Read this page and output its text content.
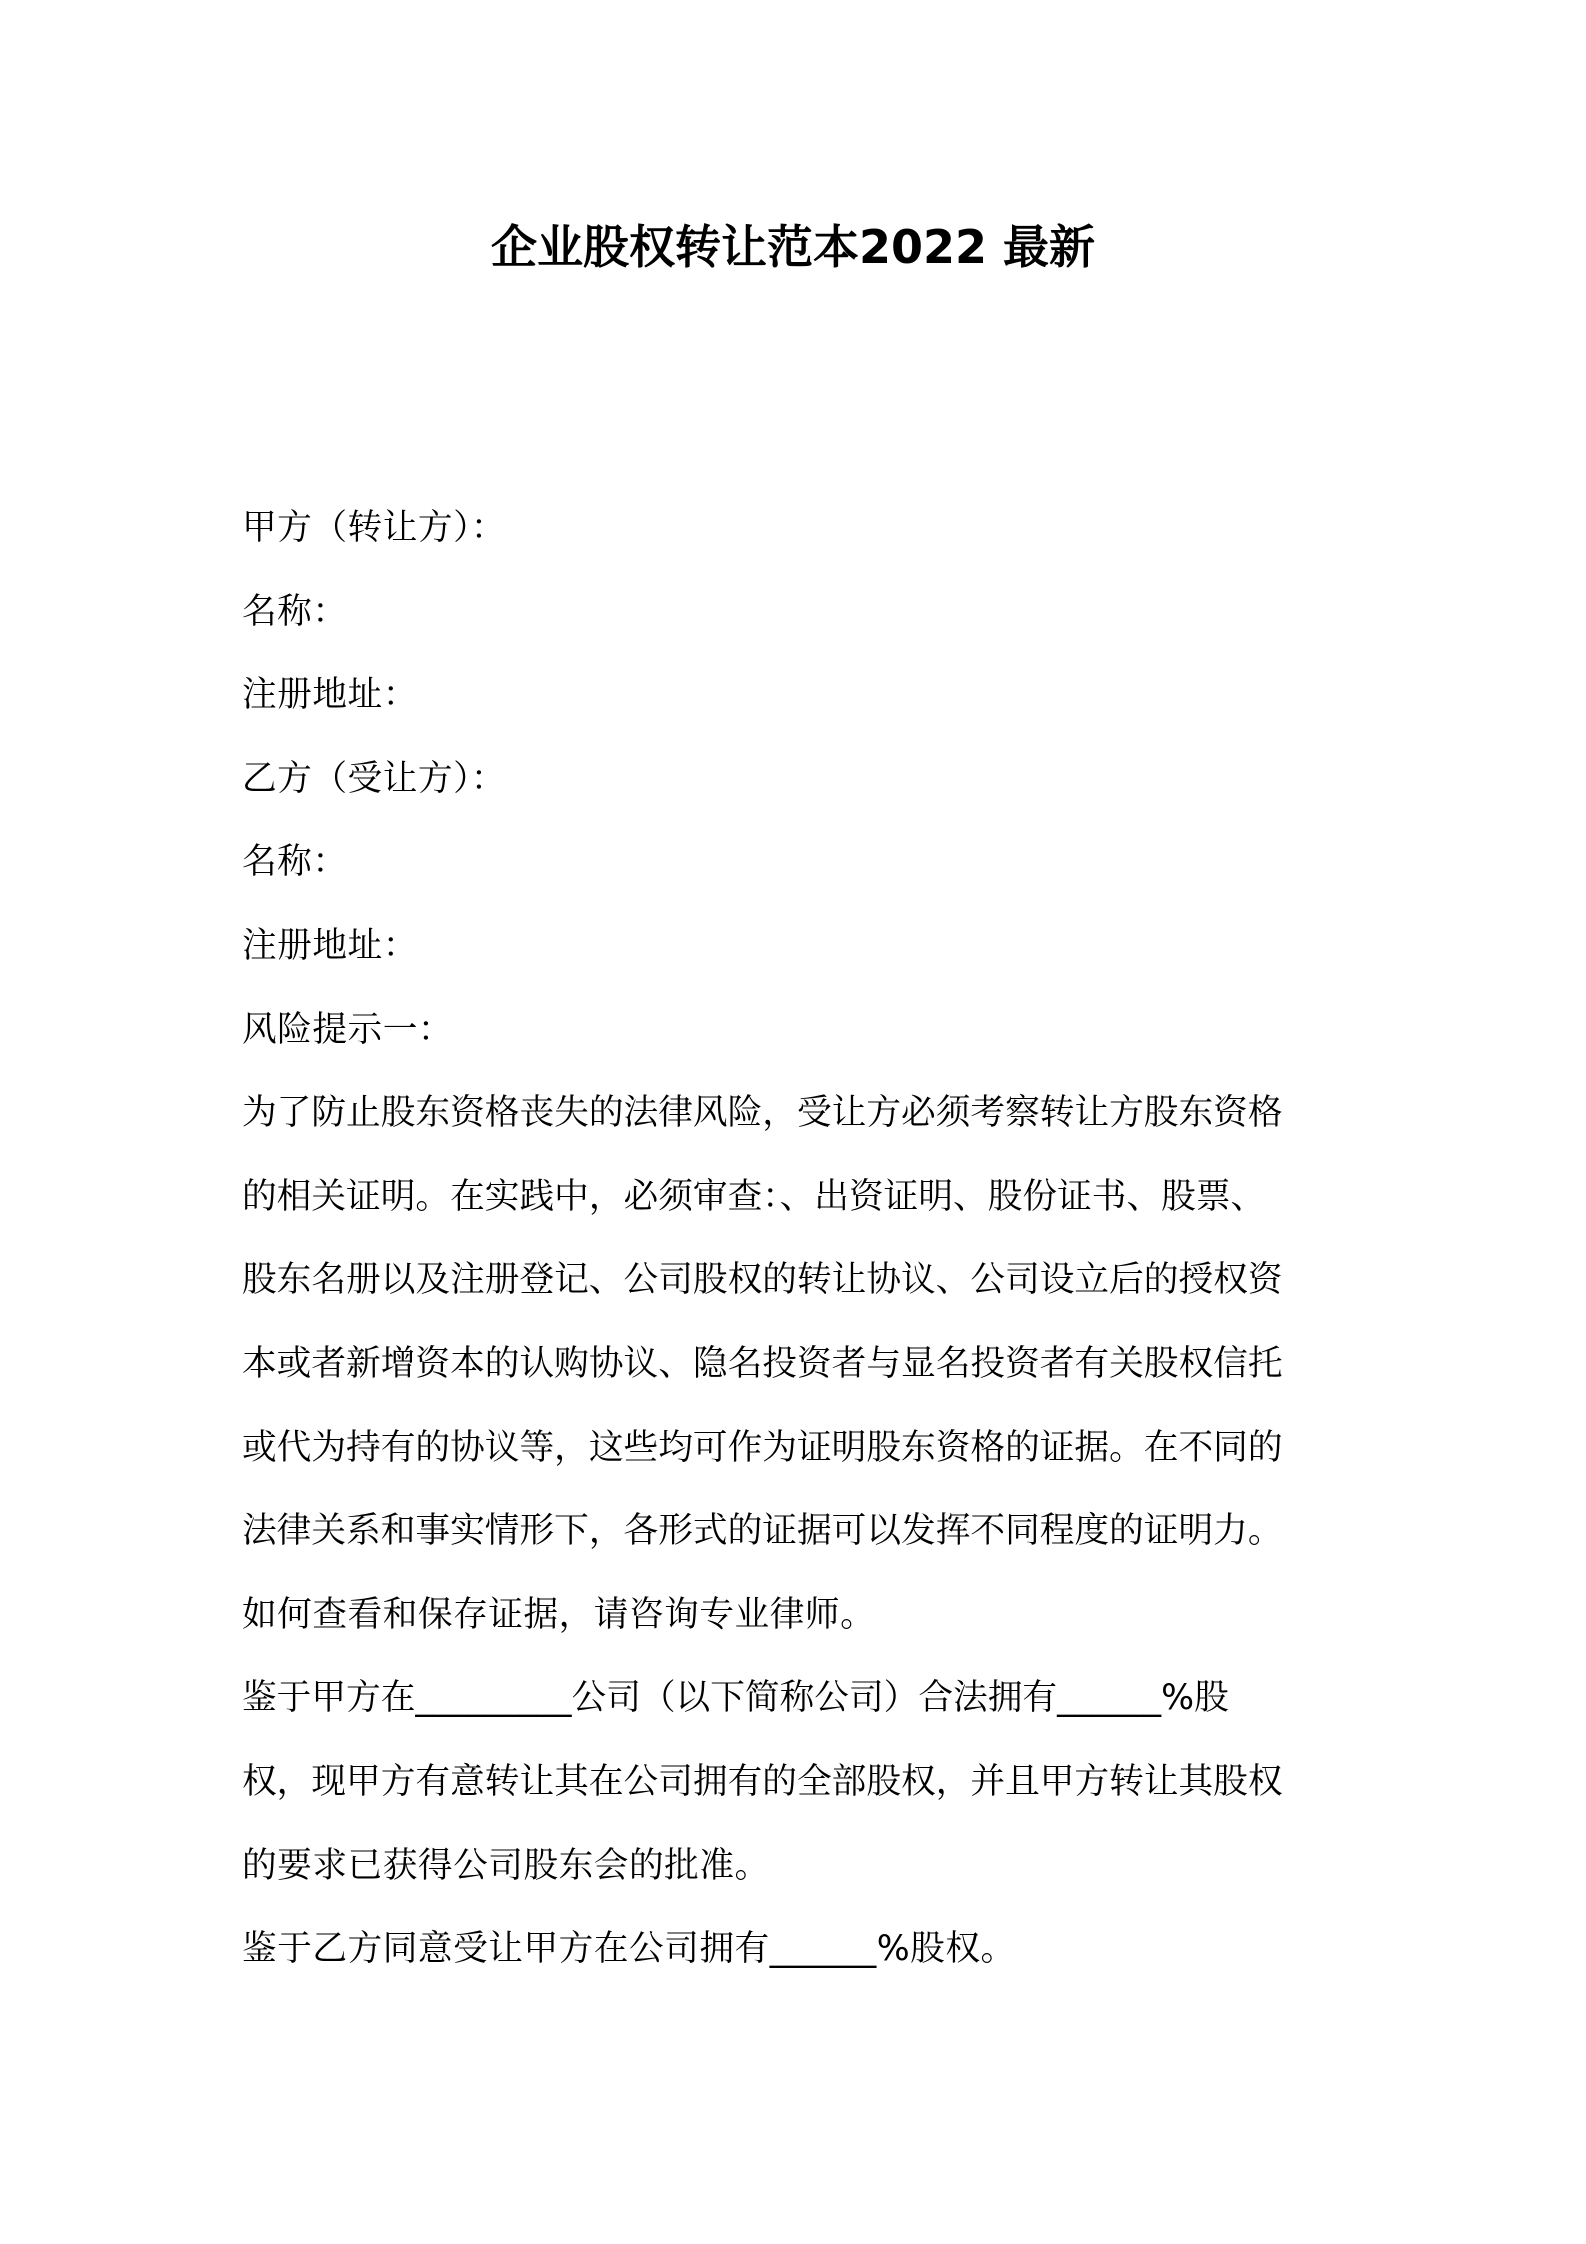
企业股权转让范本2022 最新
甲方（转让方）：
名称：
注册地址：
乙方（受让方）：
名称：
注册地址：
风险提示一：
为了防止股东资格丧失的法律风险，受让方必须考察转让方股东资格
的相关证明。在实践中，必须审查：、出资证明、股份证书、股票、
股东名册以及注册登记、公司股权的转让协议、公司设立后的授权资
本或者新增资本的认购协议、隐名投资者与显名投资者有关股权信托
或代为持有的协议等，这些均可作为证明股东资格的证据。在不同的
法律关系和事实情形下，各形式的证据可以发挥不同程度的证明力。
如何查看和保存证据，请咨询专业律师。
鉴于甲方在_________公司（以下简称公司）合法拥有______%股
权，现甲方有意转让其在公司拥有的全部股权，并且甲方转让其股权
的要求已获得公司股东会的批准。
鉴于乙方同意受让甲方在公司拥有______%股权。
